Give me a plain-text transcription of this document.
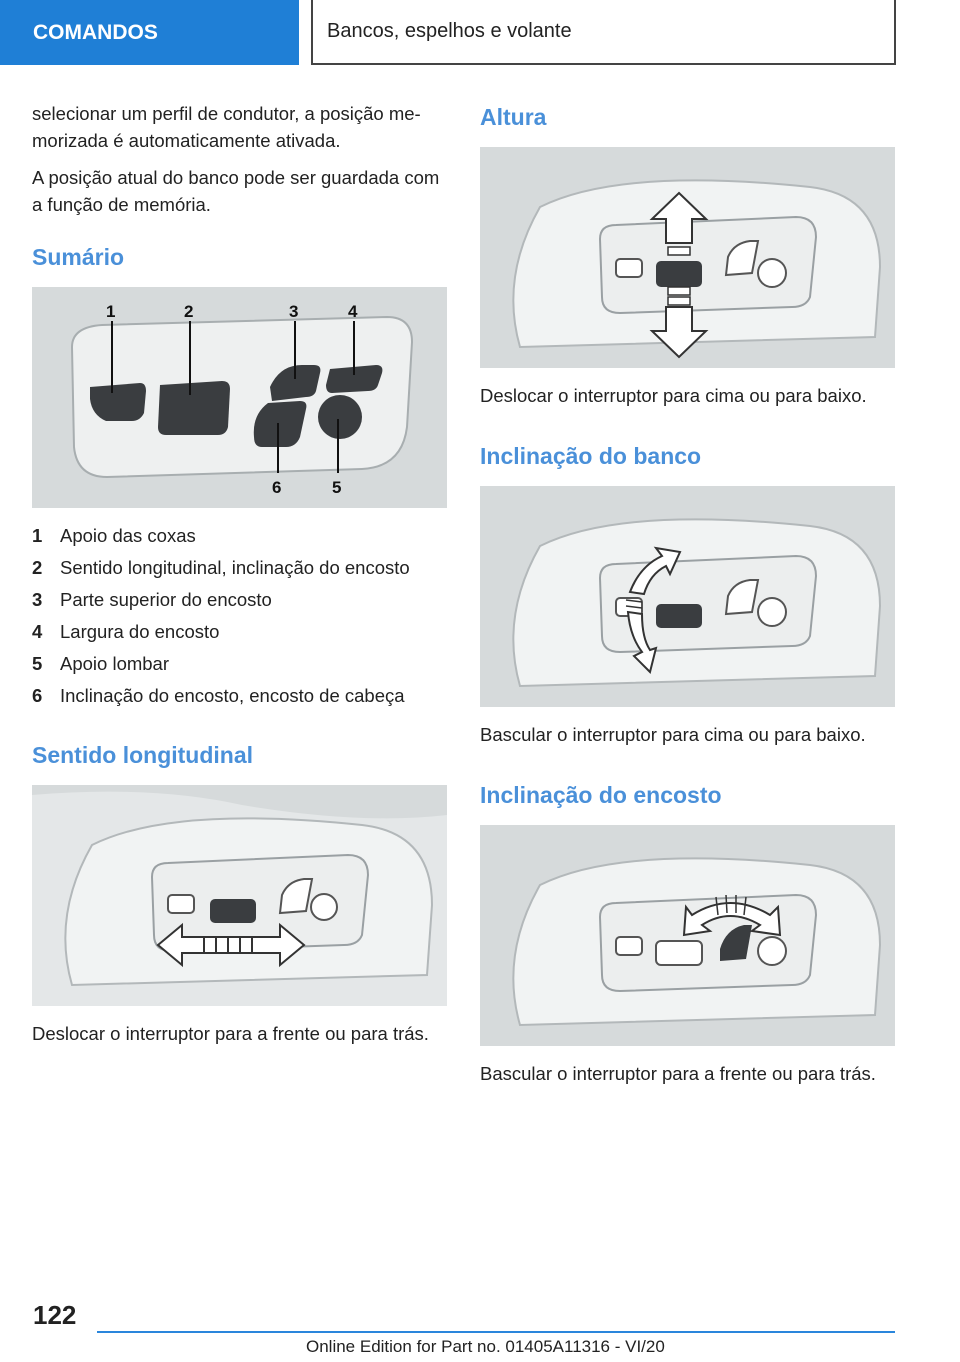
COMANDOS	Bancos, espelhos e volante

selecionar um perfil de condutor, a posição me-morizada é automaticamente ativada.

A posição atual do banco pode ser guardada com a função de memória.

Sumário
1	2	3	4
6	5
1 Apoio das coxas
2 Sentido longitudinal, inclinação do encosto
3 Parte superior do encosto
4 Largura do encosto
5 Apoio lombar
6 Inclinação do encosto, encosto de cabeça
Sentido longitudinal

Deslocar o interruptor para a frente ou para trás.

Altura

Deslocar o interruptor para cima ou para baixo.

Inclinação do banco

Bascular o interruptor para cima ou para baixo.

Inclinação do encosto

Bascular o interruptor para a frente ou para trás.

122
Online Edition for Part no. 01405A11316 - VI/20
